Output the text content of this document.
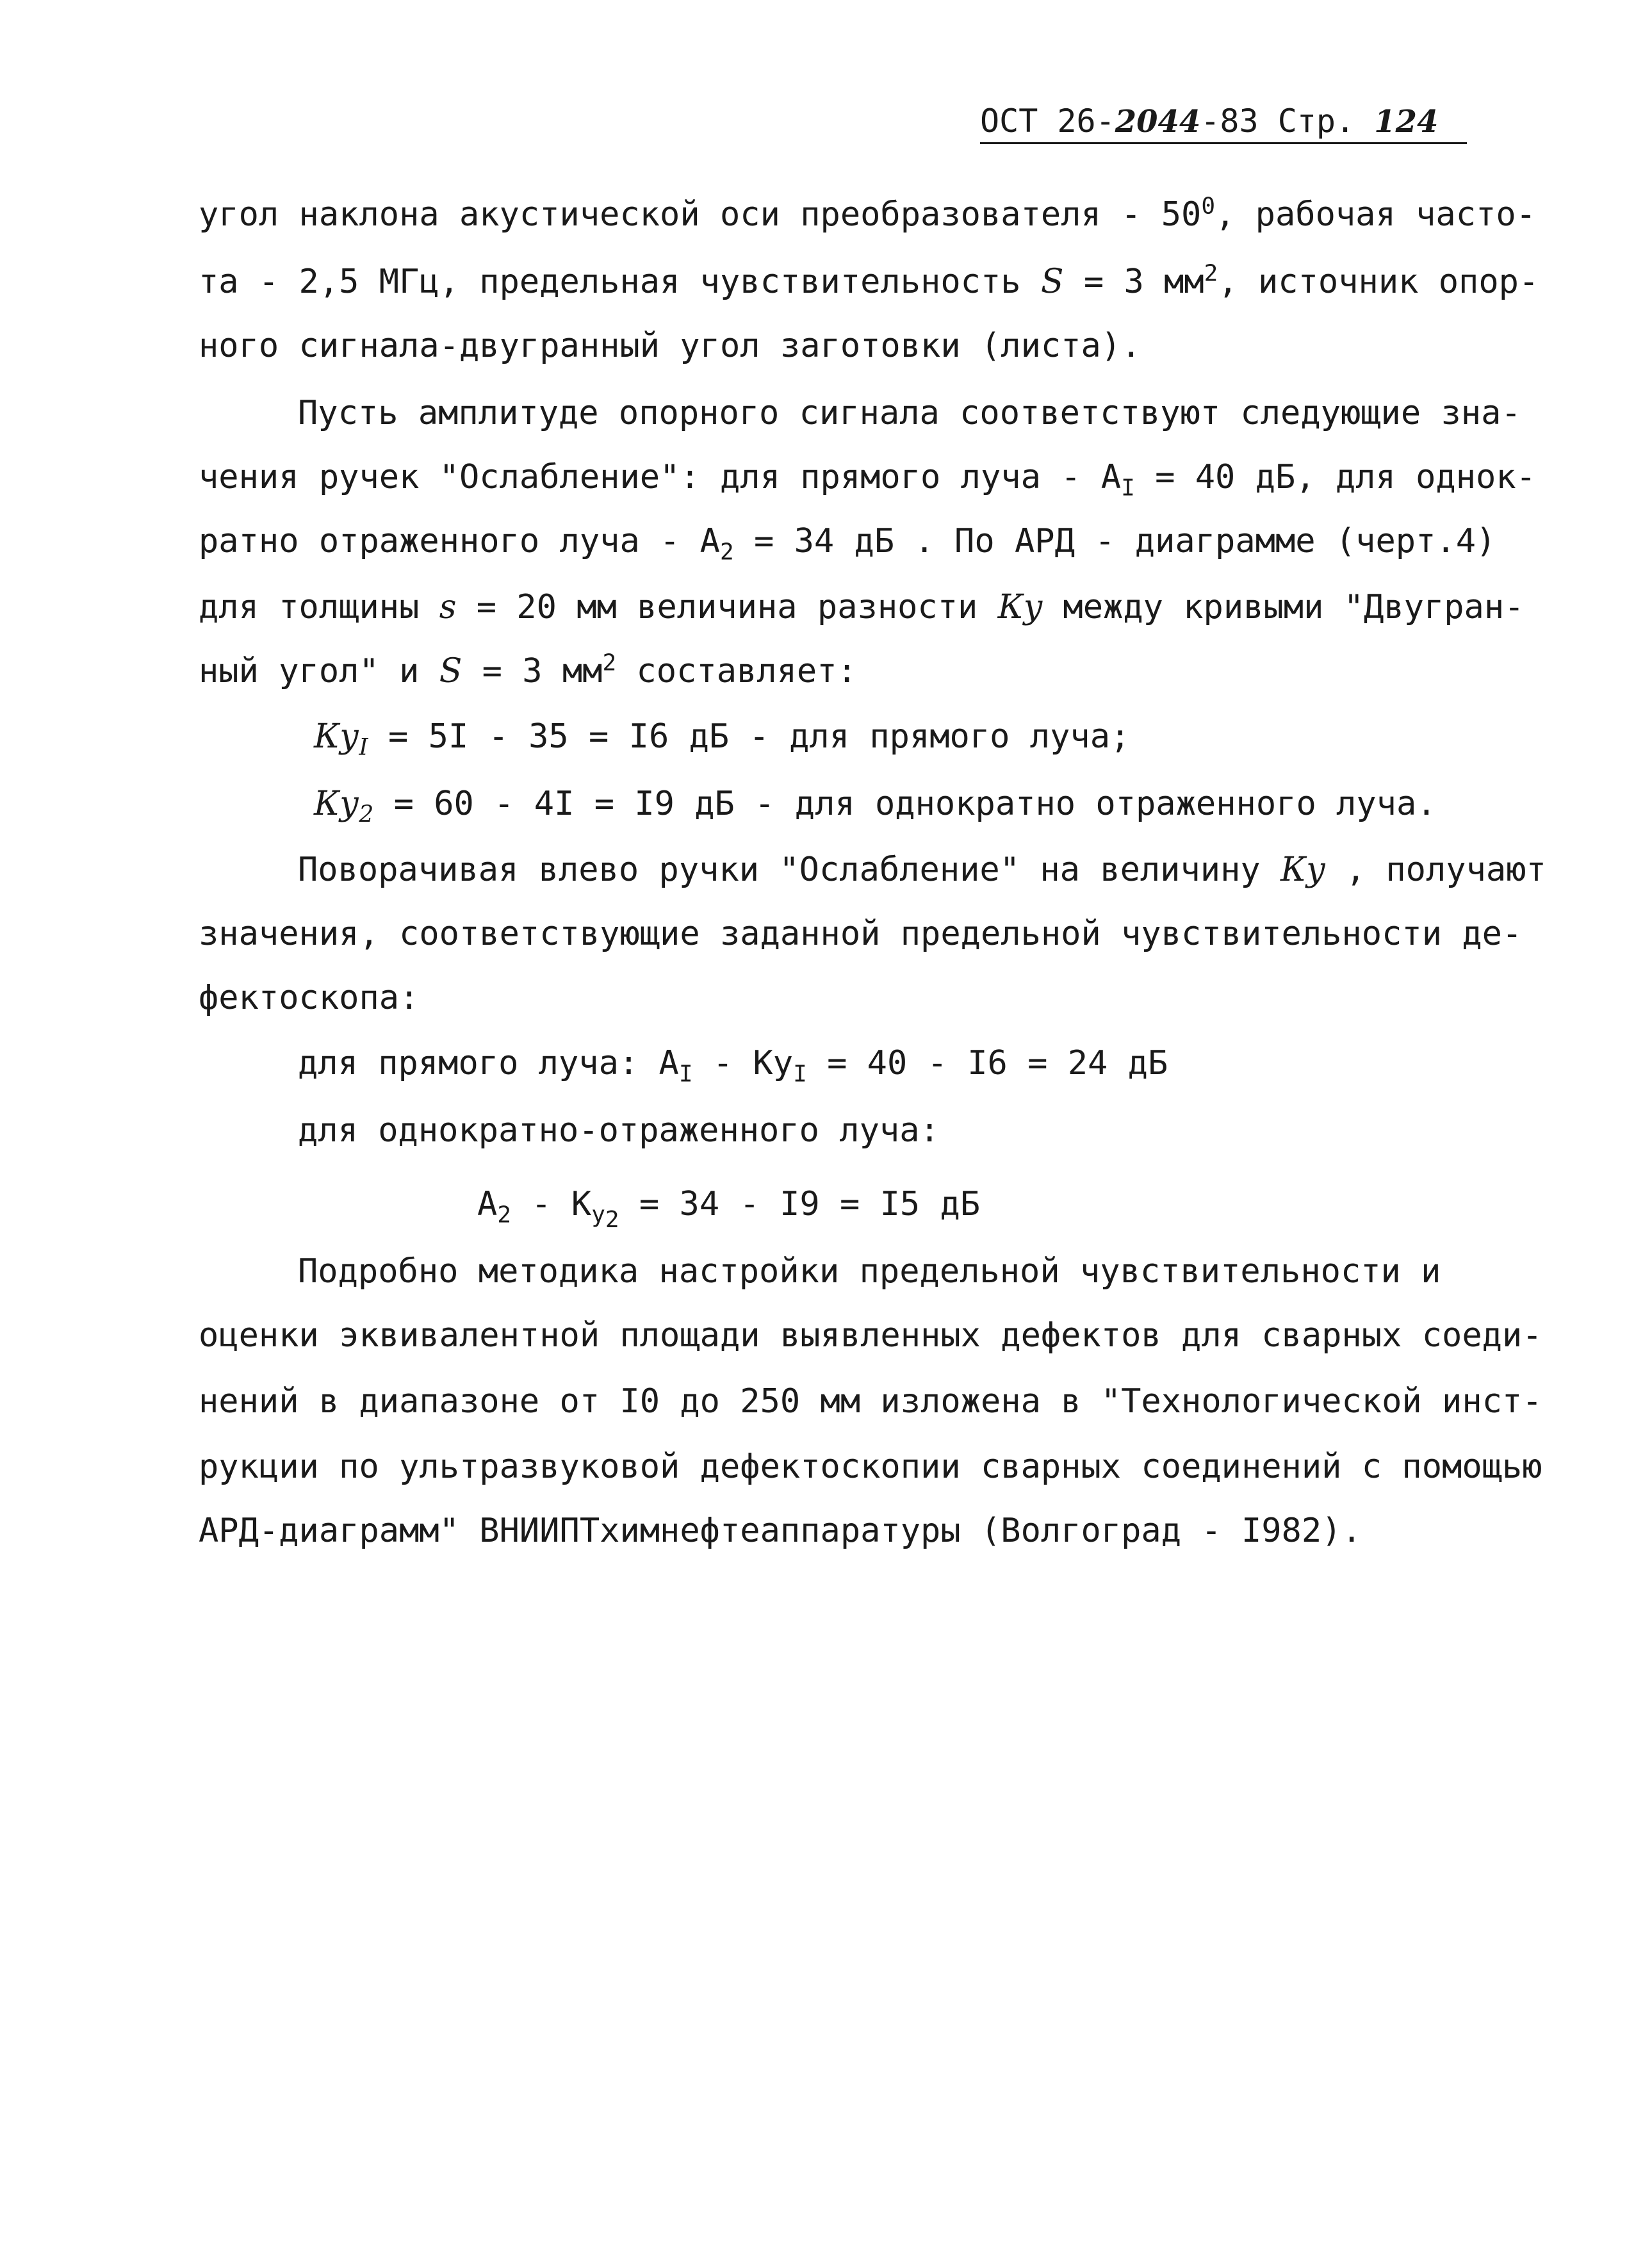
ОСТ 26-2044-83 Стр. 124
угол наклона акустической оси преобразователя - $50^0$, рабочая часто-
та - 2,5 МГц, предельная чувствительность S = 3 $мм^2$, источник опор-
ного сигнала-двугранный угол заготовки (листа).
Пусть амплитуде опорного сигнала соответствуют следующие зна-
чения ручек "Ослабление": для прямого луча - $А_I = 40$ дБ, для однок-
ратно отраженного луча - $А_2 = 34$ дБ . По АРД - диаграмме (черт.4)
для толщины s = 20 мм величина разности Ку между кривыми "Двугран-
ный угол" и S = 3 $мм^2$ составляет:
$Ку_I = 5I - 35 = I6$ дБ - для прямого луча;
$Ку_2 = 60 - 4I = I9$ дБ - для однократно отраженного луча.
Поворачивая влево ручки "Ослабление" на величину Ку , получают
значения, соответствующие заданной предельной чувствительности де-
фектоскопа:
для прямого луча: $А_I - Ку_I = 40 - I6 = 24$ дБ
для однократно-отраженного луча:
$А_2 - К_{у_2} = 34 - I9 = I5$ дБ
Подробно методика настройки предельной чувствительности и
оценки эквивалентной площади выявленных дефектов для сварных соеди-
нений в диапазоне от I0 до 250 мм изложена в "Технологической инст-
рукции по ультразвуковой дефектоскопии сварных соединений с помощью
АРД-диаграмм" ВНИИПТхимнефтеаппаратуры (Волгоград - I982).
